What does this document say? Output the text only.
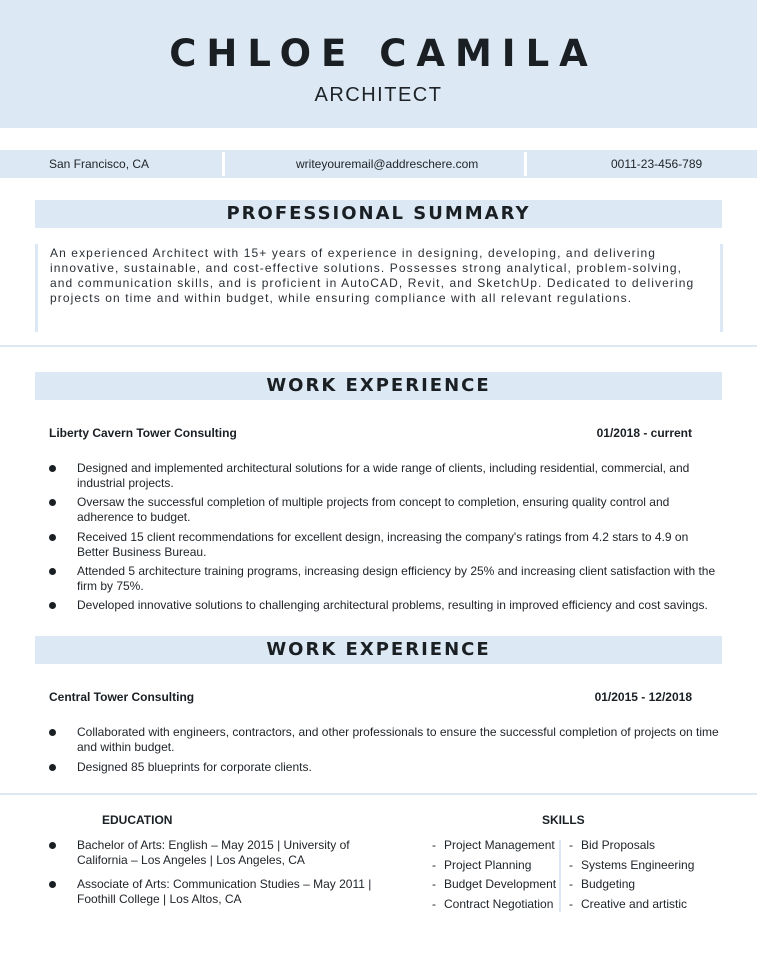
CHLOE CAMILA
ARCHITECT
San Francisco, CA	writeyouremail@addreschere.com	0011-23-456-789
PROFESSIONAL SUMMARY
An experienced Architect with 15+ years of experience in designing, developing, and delivering innovative, sustainable, and cost-effective solutions. Possesses strong analytical, problem-solving, and communication skills, and is proficient in AutoCAD, Revit, and SketchUp. Dedicated to delivering projects on time and within budget, while ensuring compliance with all relevant regulations.
WORK EXPERIENCE
Liberty Cavern Tower Consulting	01/2018 - current
Designed and implemented architectural solutions for a wide range of clients, including residential, commercial, and industrial projects.
Oversaw the successful completion of multiple projects from concept to completion, ensuring quality control and adherence to budget.
Received 15 client recommendations for excellent design, increasing the company's ratings from 4.2 stars to 4.9 on Better Business Bureau.
Attended 5 architecture training programs, increasing design efficiency by 25% and increasing client satisfaction with the firm by 75%.
Developed innovative solutions to challenging architectural problems, resulting in improved efficiency and cost savings.
WORK EXPERIENCE
Central Tower Consulting	01/2015 - 12/2018
Collaborated with engineers, contractors, and other professionals to ensure the successful completion of projects on time and within budget.
Designed 85 blueprints for corporate clients.
EDUCATION
Bachelor of Arts: English – May 2015 | University of California – Los Angeles | Los Angeles, CA
Associate of Arts: Communication Studies – May 2011 | Foothill College | Los Altos, CA
SKILLS
- Project Management
- Project Planning
- Budget Development
- Contract Negotiation
- Bid Proposals
- Systems Engineering
- Budgeting
- Creative and artistic
